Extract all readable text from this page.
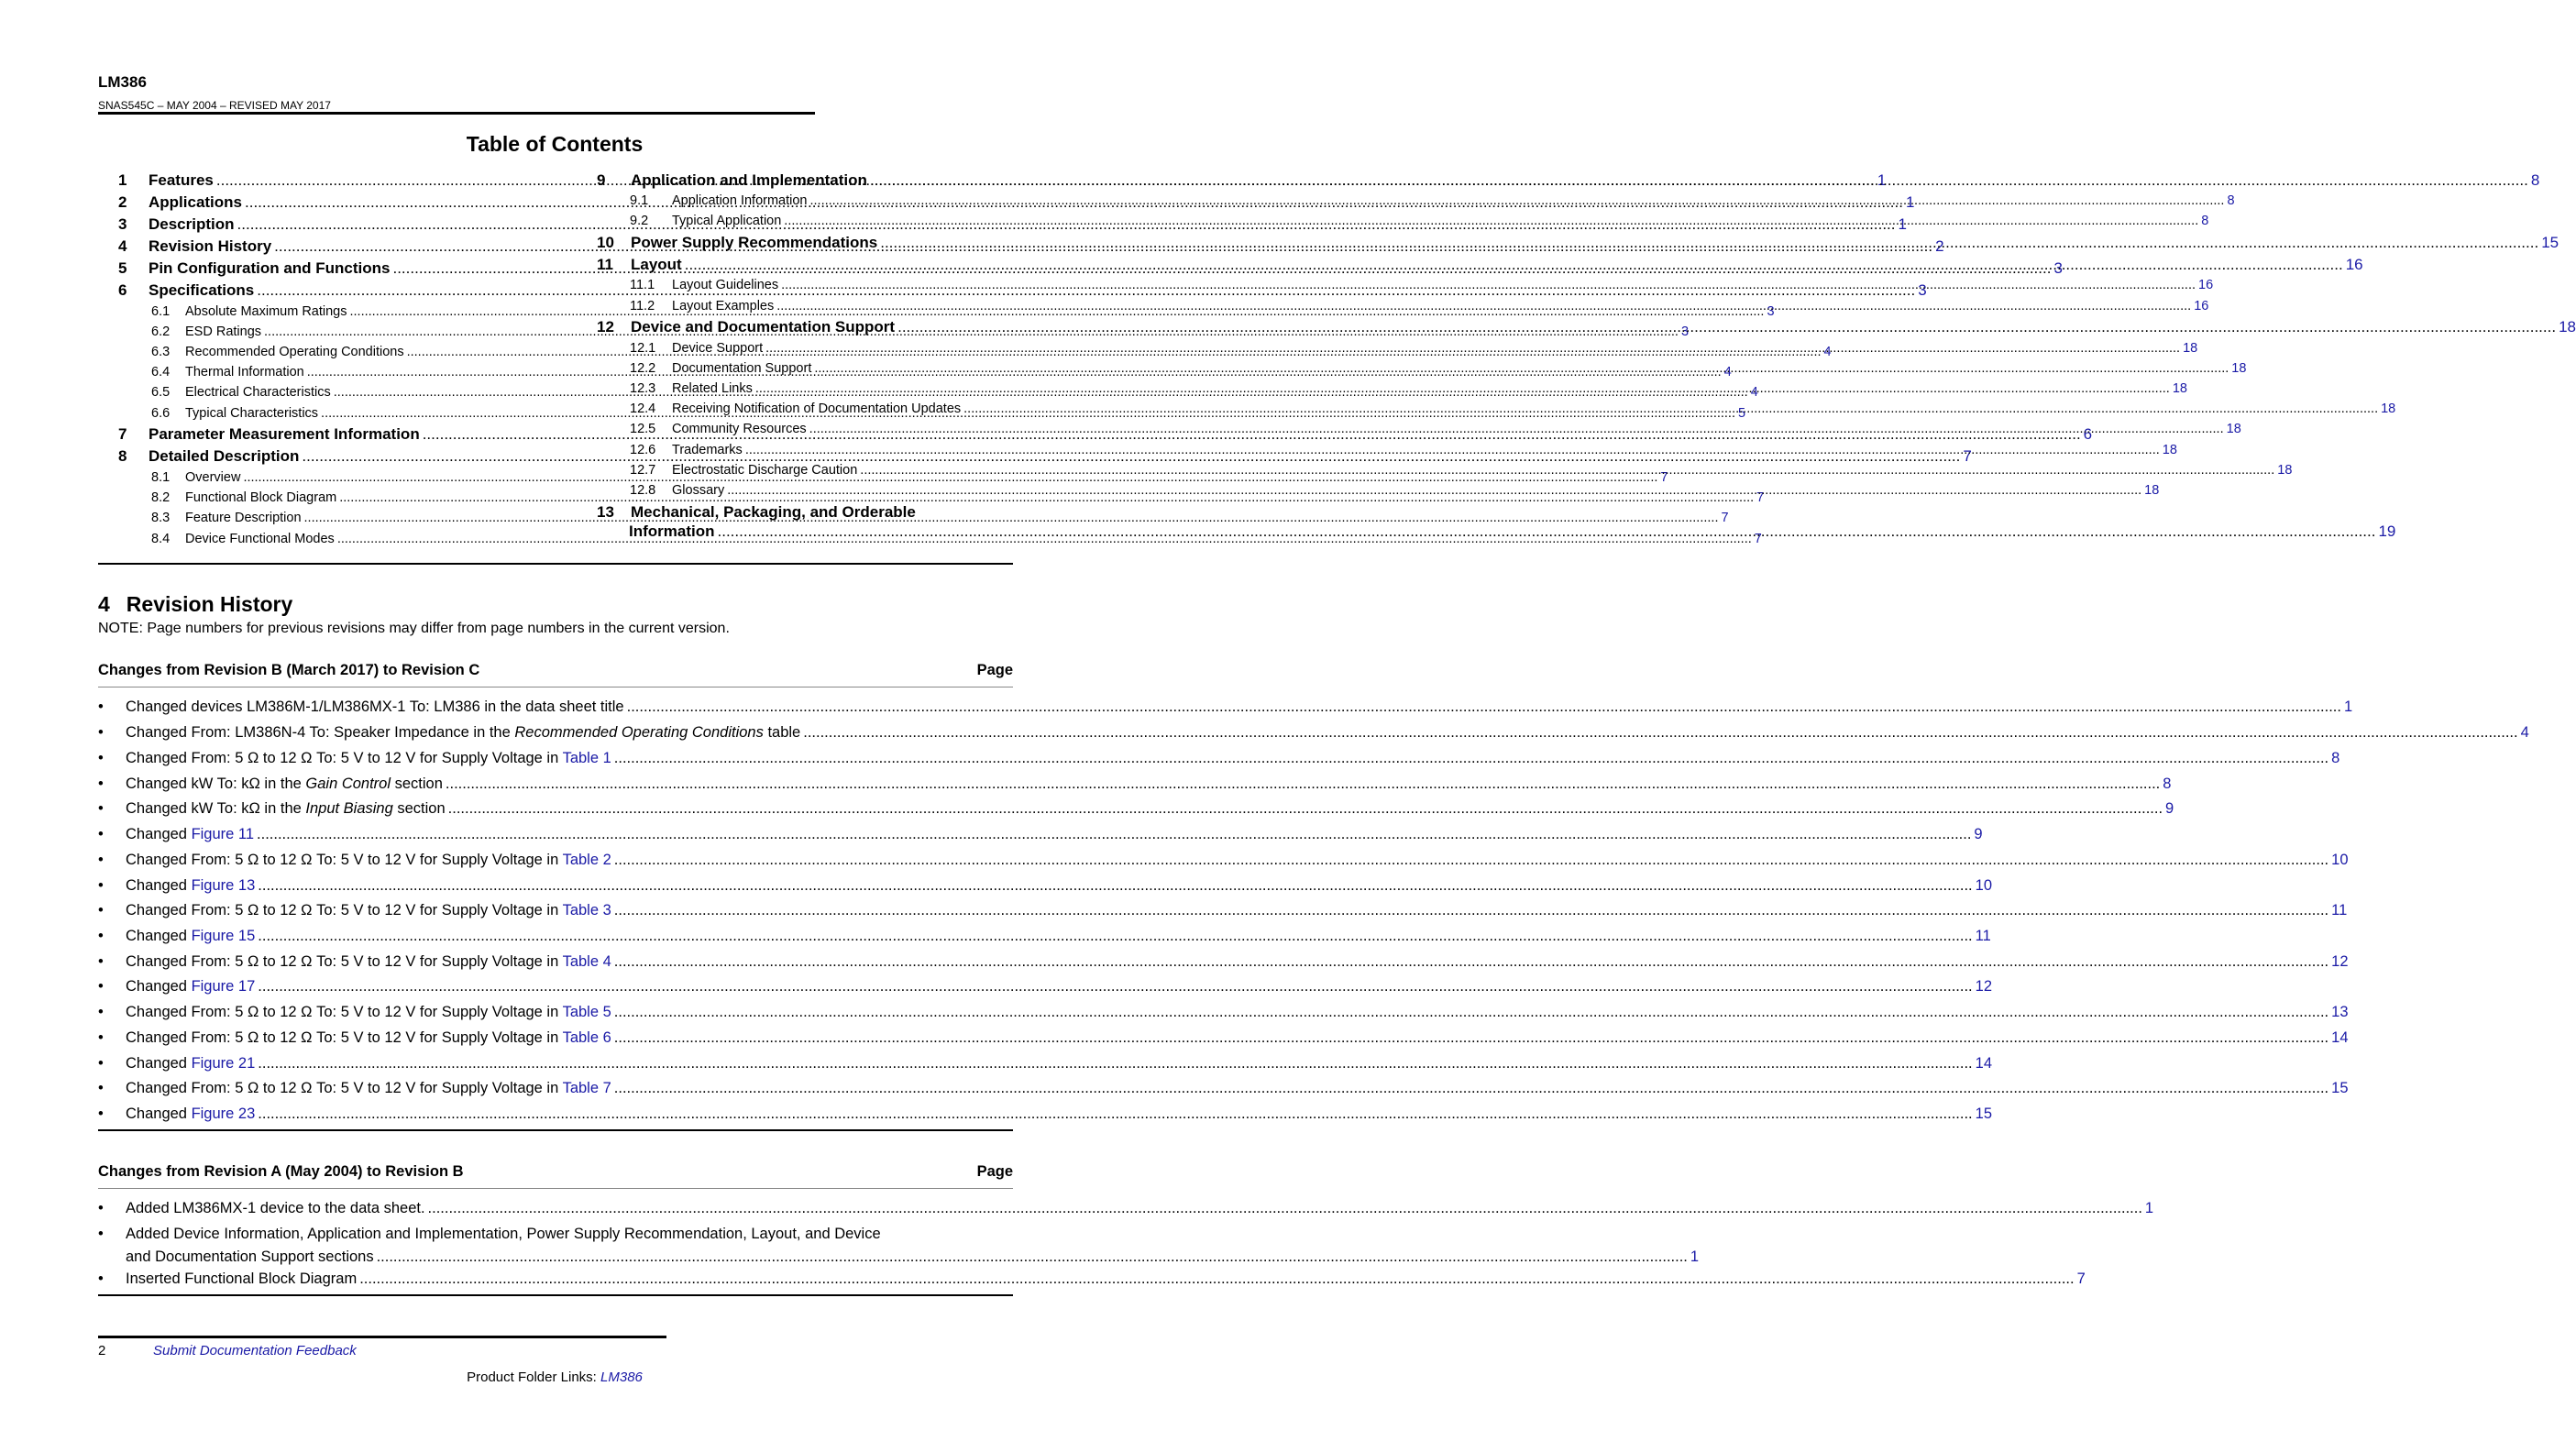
LM386
SNAS545C – MAY 2004 – REVISED MAY 2017
Table of Contents
1	Features .....	1
2	Applications .....	1
3	Description .....	1
4	Revision History .....	2
5	Pin Configuration and Functions .....	3
6	Specifications .....	3
6.1	Absolute Maximum Ratings .....	3
6.2	ESD Ratings .....	3
6.3	Recommended Operating Conditions .....	4
6.4	Thermal Information .....	4
6.5	Electrical Characteristics .....	4
6.6	Typical Characteristics .....	5
7	Parameter Measurement Information .....	6
8	Detailed Description .....	7
8.1	Overview .....	7
8.2	Functional Block Diagram .....	7
8.3	Feature Description .....	7
8.4	Device Functional Modes .....	7
9	Application and Implementation .....	8
9.1	Application Information .....	8
9.2	Typical Application .....	8
10	Power Supply Recommendations .....	15
11	Layout .....	16
11.1	Layout Guidelines .....	16
11.2	Layout Examples .....	16
12	Device and Documentation Support .....	18
12.1	Device Support .....	18
12.2	Documentation Support .....	18
12.3	Related Links .....	18
12.4	Receiving Notification of Documentation Updates .....	18
12.5	Community Resources .....	18
12.6	Trademarks .....	18
12.7	Electrostatic Discharge Caution .....	18
12.8	Glossary .....	18
13	Mechanical, Packaging, and Orderable
Information .....	19
4 Revision History
NOTE: Page numbers for previous revisions may differ from page numbers in the current version.
Changes from Revision B (March 2017) to Revision C	Page
•	Changed devices LM386M-1/LM386MX-1 To: LM386 in the data sheet title .....	1
•	Changed From: LM386N-4 To: Speaker Impedance in the Recommended Operating Conditions table .....	4
•	Changed From: 5 Ω to 12 Ω To: 5 V to 12 V for Supply Voltage in Table 1 .....	8
•	Changed kW To: kΩ in the Gain Control section .....	8
•	Changed kW To: kΩ in the Input Biasing section .....	9
•	Changed Figure 11 .....	9
•	Changed From: 5 Ω to 12 Ω To: 5 V to 12 V for Supply Voltage in Table 2 .....	10
•	Changed Figure 13 .....	10
•	Changed From: 5 Ω to 12 Ω To: 5 V to 12 V for Supply Voltage in Table 3 .....	11
•	Changed Figure 15 .....	11
•	Changed From: 5 Ω to 12 Ω To: 5 V to 12 V for Supply Voltage in Table 4 .....	12
•	Changed Figure 17 .....	12
•	Changed From: 5 Ω to 12 Ω To: 5 V to 12 V for Supply Voltage in Table 5 .....	13
•	Changed From: 5 Ω to 12 Ω To: 5 V to 12 V for Supply Voltage in Table 6 .....	14
•	Changed Figure 21 .....	14
•	Changed From: 5 Ω to 12 Ω To: 5 V to 12 V for Supply Voltage in Table 7 .....	15
•	Changed Figure 23 .....	15
Changes from Revision A (May 2004) to Revision B	Page
•	Added LM386MX-1 device to the data sheet. .....	1
•	Added Device Information, Application and Implementation, Power Supply Recommendation, Layout, and Device
and Documentation Support sections .....	1
•	Inserted Functional Block Diagram .....	7
2	Submit Documentation Feedback
Product Folder Links: LM386
